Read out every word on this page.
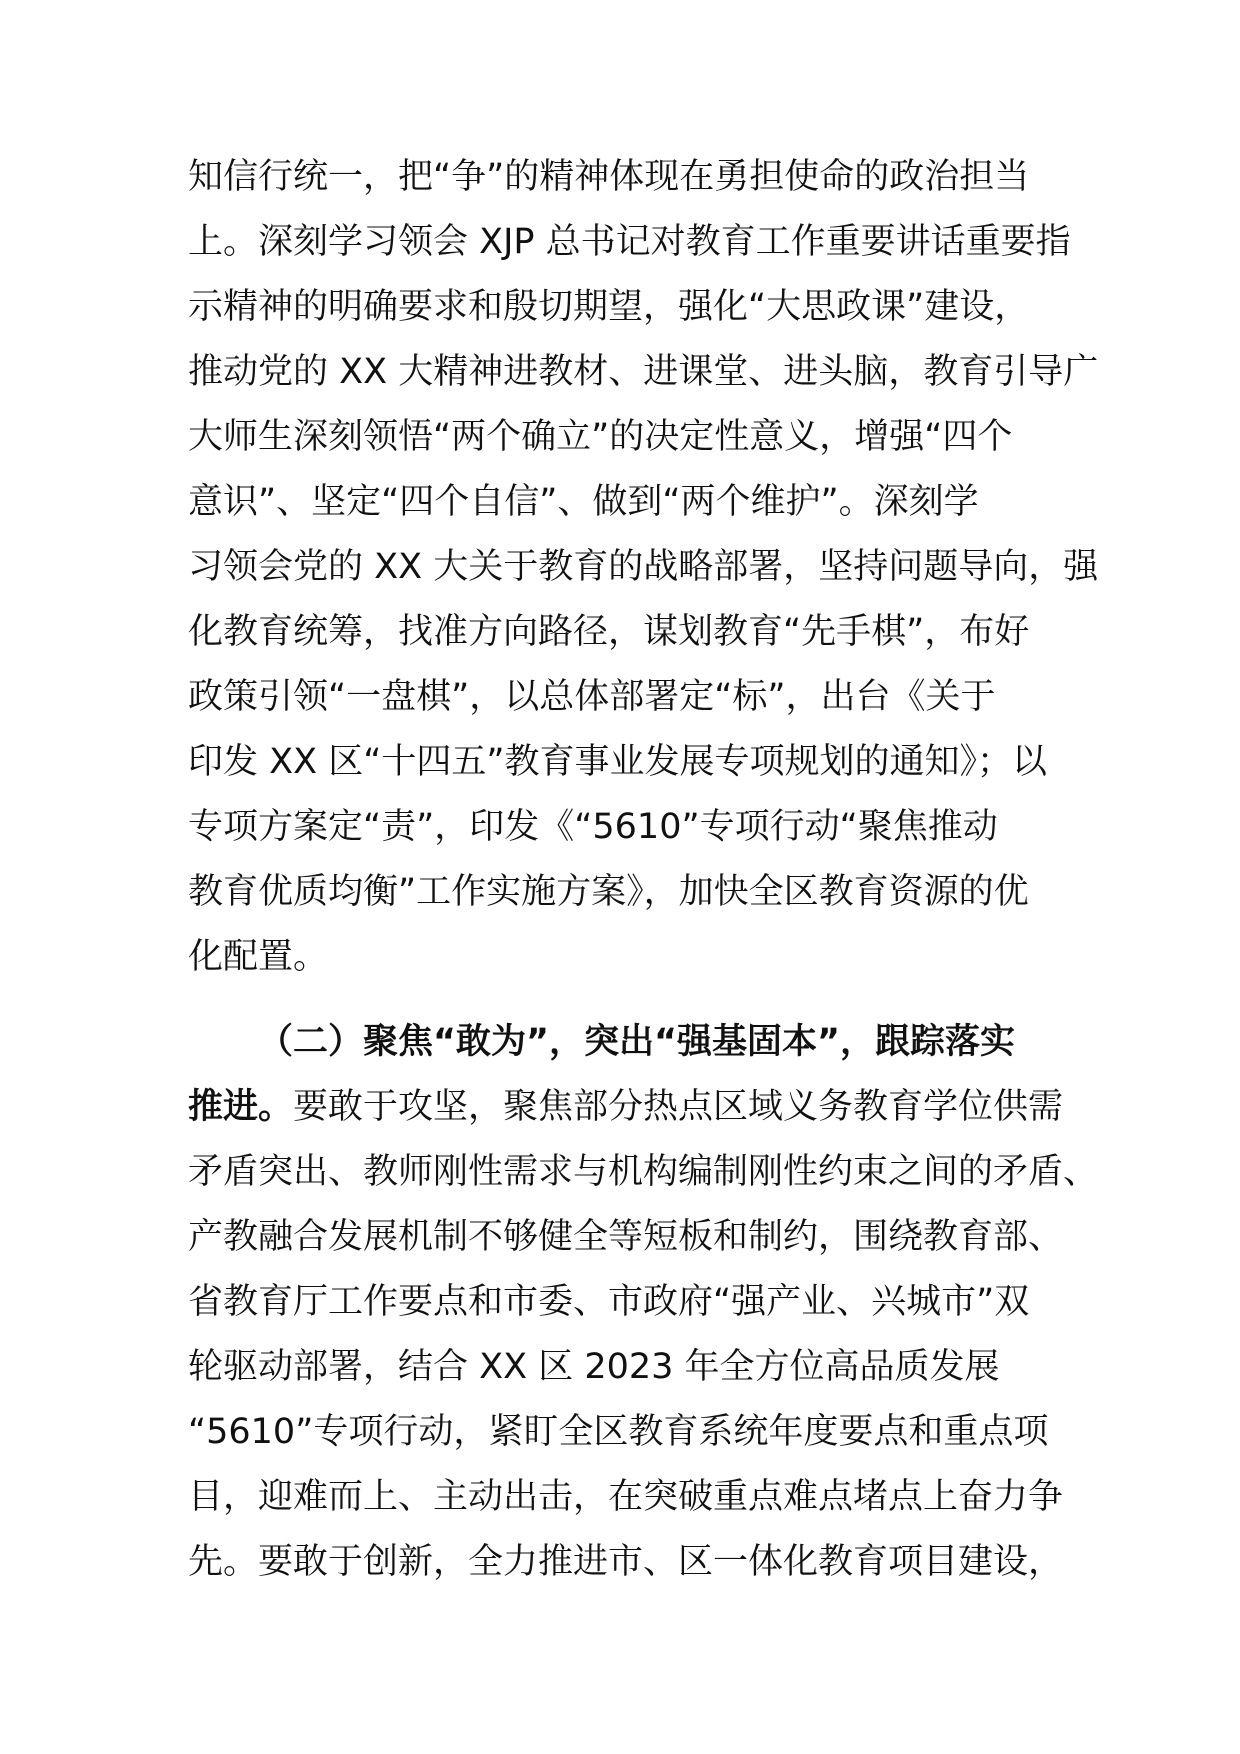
知信行统一，把“争”的精神体现在勇担使命的政治担当
上。深刻学习领会 XJP 总书记对教育工作重要讲话重要指
示精神的明确要求和殷切期望，强化“大思政课”建设，
推动党的 XX 大精神进教材、进课堂、进头脑，教育引导广
大师生深刻领悟“两个确立”的决定性意义，增强“四个
意识”、坚定“四个自信”、做到“两个维护”。深刻学
习领会党的 XX 大关于教育的战略部署，坚持问题导向，强
化教育统筹，找准方向路径，谋划教育“先手棋”，布好
政策引领“一盘棋”，以总体部署定“标”，出台《关于
印发 XX 区“十四五”教育事业发展专项规划的通知》；以
专项方案定“责”，印发《“5610”专项行动“聚焦推动
教育优质均衡”工作实施方案》，加快全区教育资源的优
化配置。
（二）聚焦“敢为”，突出“强基固本”，跟踪落实
推进。要敢于攻坚，聚焦部分热点区域义务教育学位供需
矛盾突出、教师刚性需求与机构编制刚性约束之间的矛盾、
产教融合发展机制不够健全等短板和制约，围绕教育部、
省教育厅工作要点和市委、市政府“强产业、兴城市”双
轮驱动部署，结合 XX 区 2023 年全方位高品质发展
“5610”专项行动，紧盯全区教育系统年度要点和重点项
目，迎难而上、主动出击，在突破重点难点堵点上奋力争
先。要敢于创新，全力推进市、区一体化教育项目建设，
